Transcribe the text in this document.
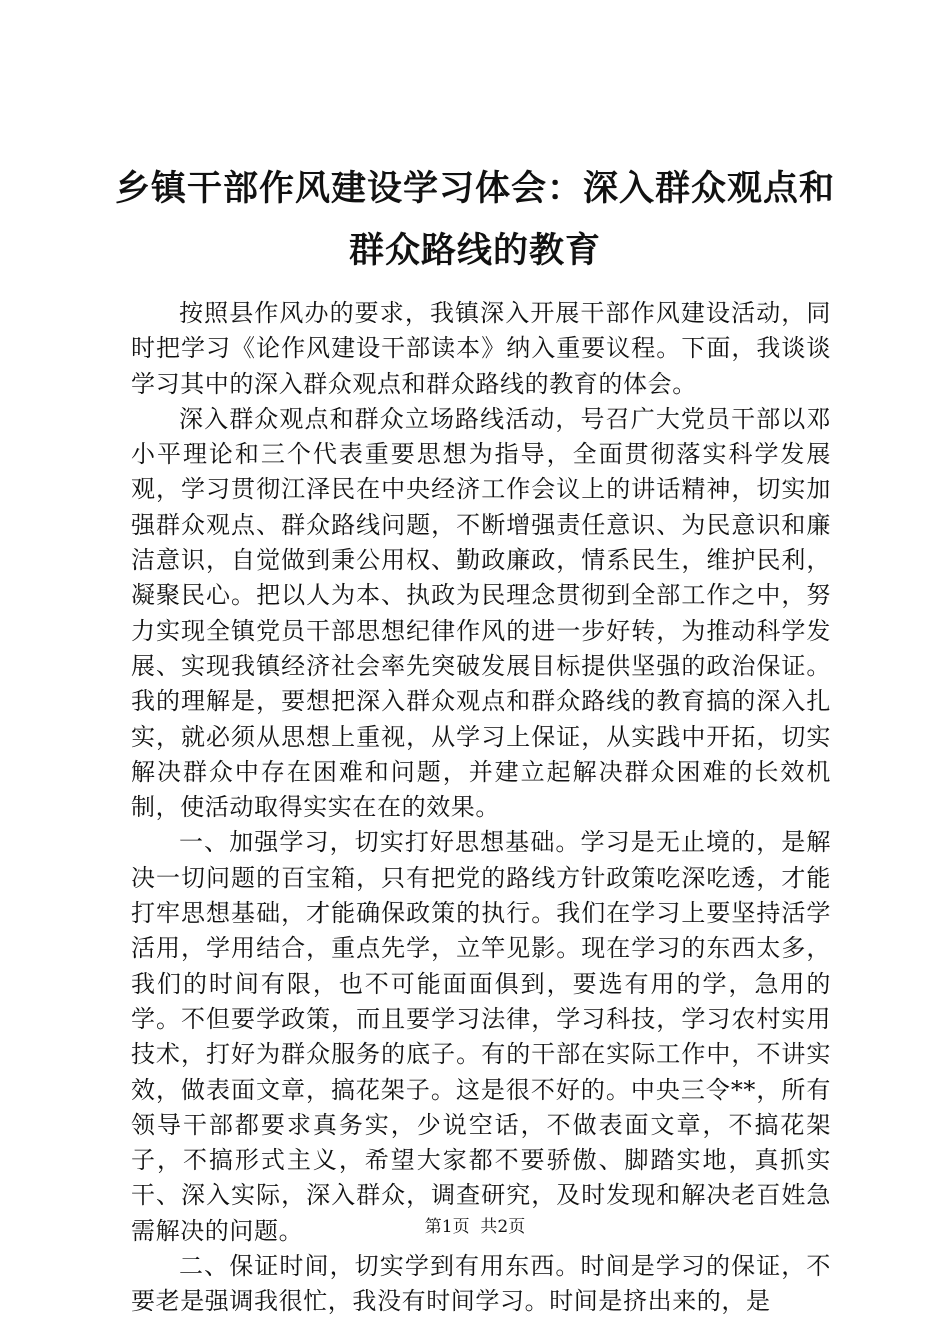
乡镇干部作风建设学习体会：深入群众观点和群众路线的教育

按照县作风办的要求，我镇深入开展干部作风建设活动，同时把学习《论作风建设干部读本》纳入重要议程。下面，我谈谈学习其中的深入群众观点和群众路线的教育的体会。

深入群众观点和群众立场路线活动，号召广大党员干部以邓小平理论和三个代表重要思想为指导，全面贯彻落实科学发展观，学习贯彻江泽民在中央经济工作会议上的讲话精神，切实加强群众观点、群众路线问题，不断增强责任意识、为民意识和廉洁意识，自觉做到秉公用权、勤政廉政，情系民生，维护民利，凝聚民心。把以人为本、执政为民理念贯彻到全部工作之中，努力实现全镇党员干部思想纪律作风的进一步好转，为推动科学发展、实现我镇经济社会率先突破发展目标提供坚强的政治保证。我的理解是，要想把深入群众观点和群众路线的教育搞的深入扎实，就必须从思想上重视，从学习上保证，从实践中开拓，切实解决群众中存在困难和问题，并建立起解决群众困难的长效机制，使活动取得实实在在的效果。

一、加强学习，切实打好思想基础。学习是无止境的，是解决一切问题的百宝箱，只有把党的路线方针政策吃深吃透，才能打牢思想基础，才能确保政策的执行。我们在学习上要坚持活学活用，学用结合，重点先学，立竿见影。现在学习的东西太多，我们的时间有限，也不可能面面俱到，要选有用的学，急用的学。不但要学政策，而且要学习法律，学习科技，学习农村实用技术，打好为群众服务的底子。有的干部在实际工作中，不讲实效，做表面文章，搞花架子。这是很不好的。中央三令**，所有领导干部都要求真务实，少说空话，不做表面文章，不搞花架子，不搞形式主义，希望大家都不要骄傲、脚踏实地，真抓实干、深入实际，深入群众，调查研究，及时发现和解决老百姓急需解决的问题。

二、保证时间，切实学到有用东西。时间是学习的保证，不要老是强调我很忙，我没有时间学习。时间是挤出来的，是

第1页 共2页
